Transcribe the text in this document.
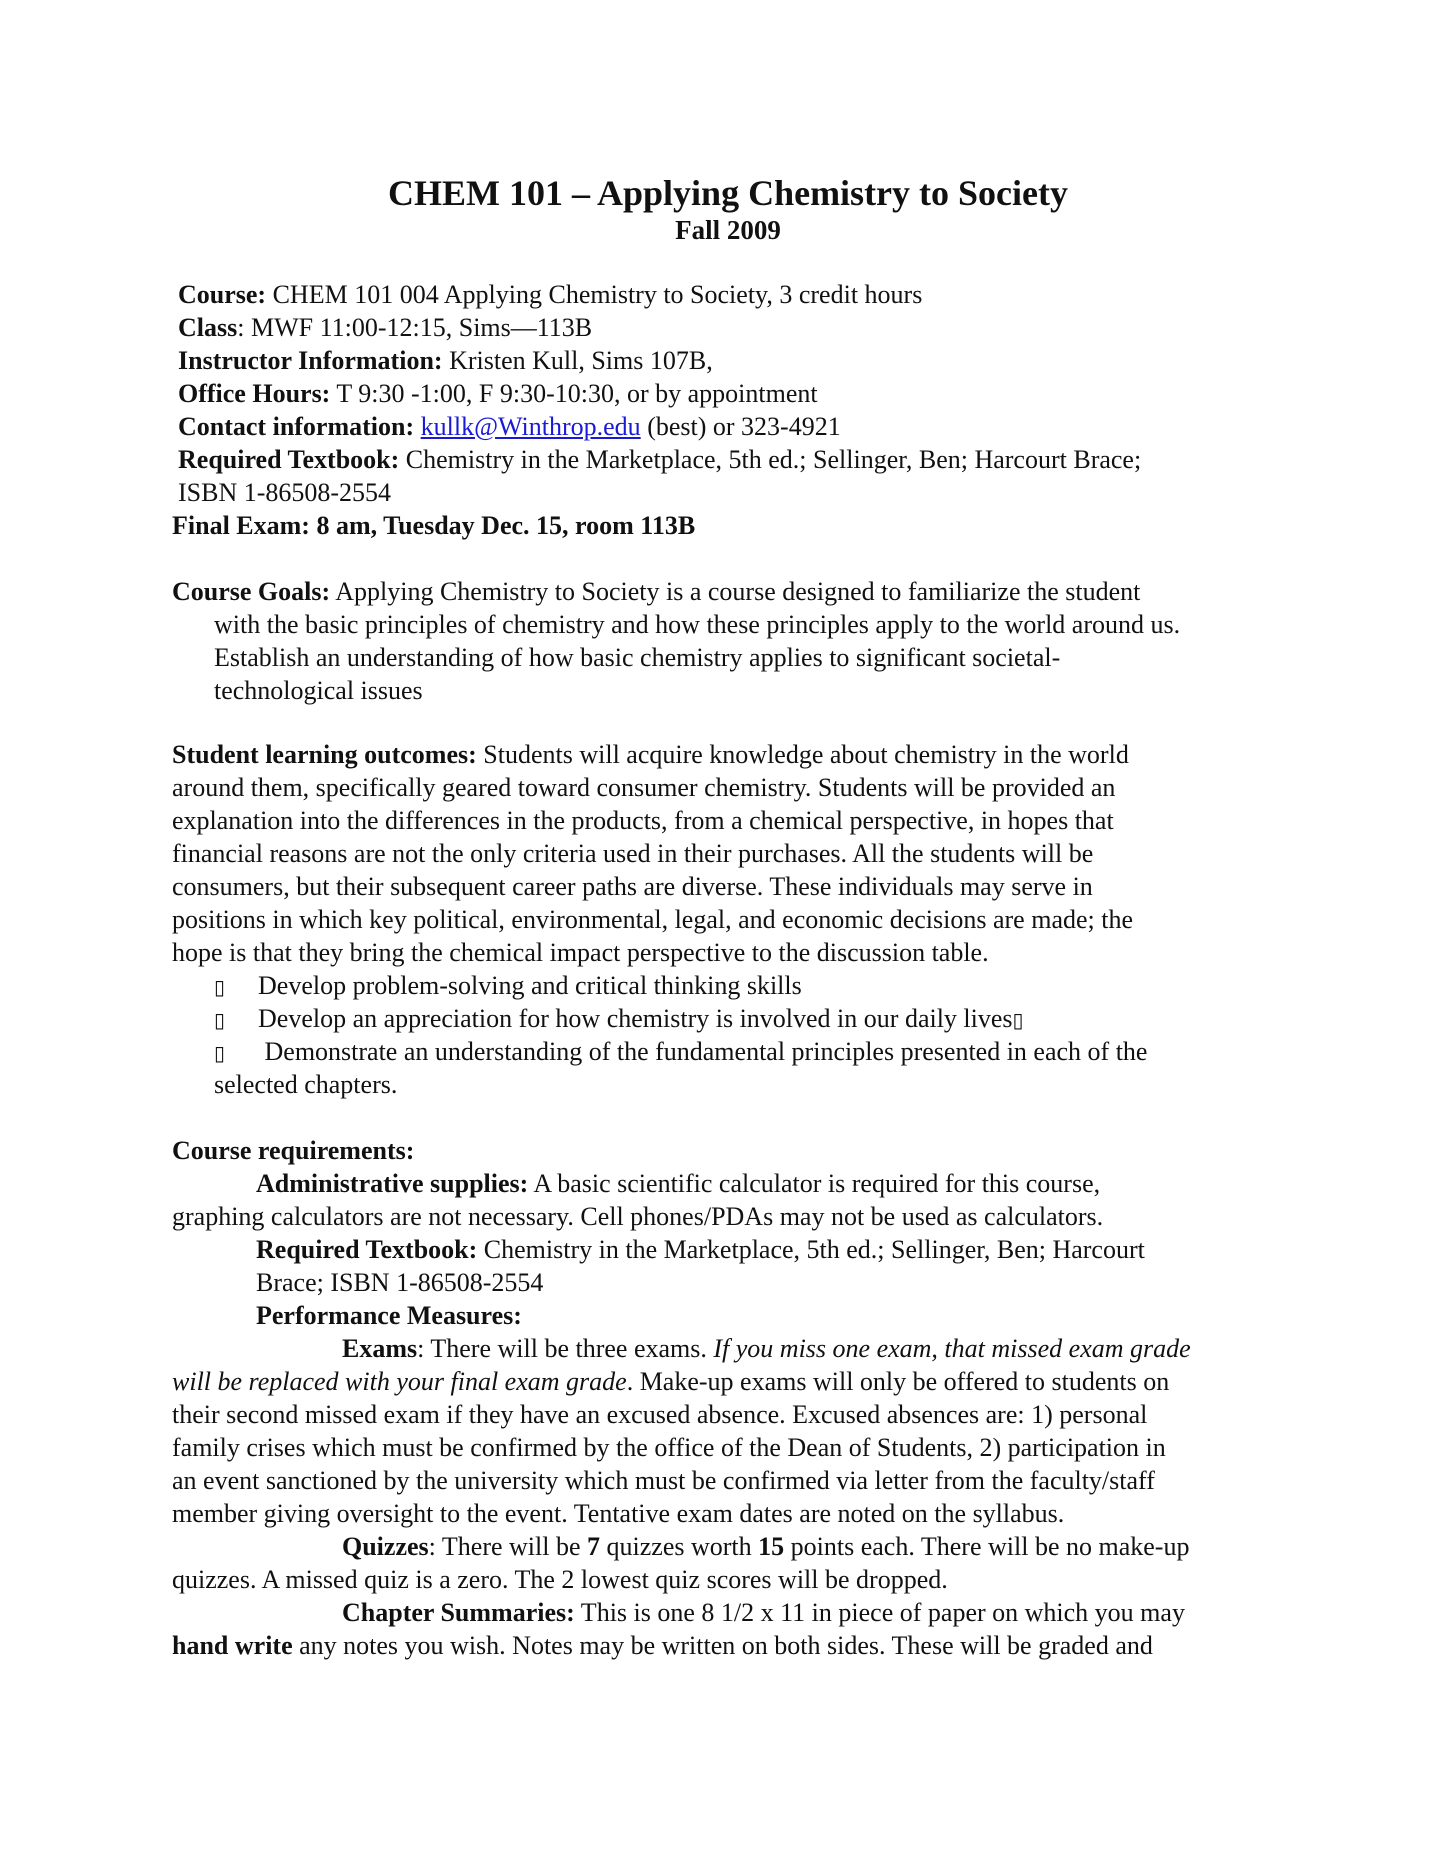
CHEM 101 – Applying Chemistry to Society
Fall 2009
Course: CHEM 101 004 Applying Chemistry to Society, 3 credit hours
Class: MWF 11:00-12:15, Sims—113B
Instructor Information: Kristen Kull, Sims 107B,
Office Hours: T 9:30 -1:00, F 9:30-10:30, or by appointment
Contact information: kullk@Winthrop.edu (best) or 323-4921
Required Textbook: Chemistry in the Marketplace, 5th ed.; Sellinger, Ben; Harcourt Brace;
ISBN 1-86508-2554
Final Exam: 8 am, Tuesday Dec. 15, room 113B
Course Goals: Applying Chemistry to Society is a course designed to familiarize the student
with the basic principles of chemistry and how these principles apply to the world around us.
Establish an understanding of how basic chemistry applies to significant societal-
technological issues
Student learning outcomes: Students will acquire knowledge about chemistry in the world
around them, specifically geared toward consumer chemistry. Students will be provided an
explanation into the differences in the products, from a chemical perspective, in hopes that
financial reasons are not the only criteria used in their purchases. All the students will be
consumers, but their subsequent career paths are diverse. These individuals may serve in
positions in which key political, environmental, legal, and economic decisions are made; the
hope is that they bring the chemical impact perspective to the discussion table.
▯ Develop problem-solving and critical thinking skills
▯ Develop an appreciation for how chemistry is involved in our daily lives▯
▯ Demonstrate an understanding of the fundamental principles presented in each of the
selected chapters.
Course requirements:
Administrative supplies: A basic scientific calculator is required for this course,
graphing calculators are not necessary. Cell phones/PDAs may not be used as calculators.
Required Textbook: Chemistry in the Marketplace, 5th ed.; Sellinger, Ben; Harcourt
Brace; ISBN 1-86508-2554
Performance Measures:
Exams: There will be three exams. If you miss one exam, that missed exam grade
will be replaced with your final exam grade. Make-up exams will only be offered to students on
their second missed exam if they have an excused absence. Excused absences are: 1) personal
family crises which must be confirmed by the office of the Dean of Students, 2) participation in
an event sanctioned by the university which must be confirmed via letter from the faculty/staff
member giving oversight to the event. Tentative exam dates are noted on the syllabus.
Quizzes: There will be 7 quizzes worth 15 points each. There will be no make-up
quizzes. A missed quiz is a zero. The 2 lowest quiz scores will be dropped.
Chapter Summaries: This is one 8 1/2 x 11 in piece of paper on which you may
hand write any notes you wish. Notes may be written on both sides. These will be graded and
